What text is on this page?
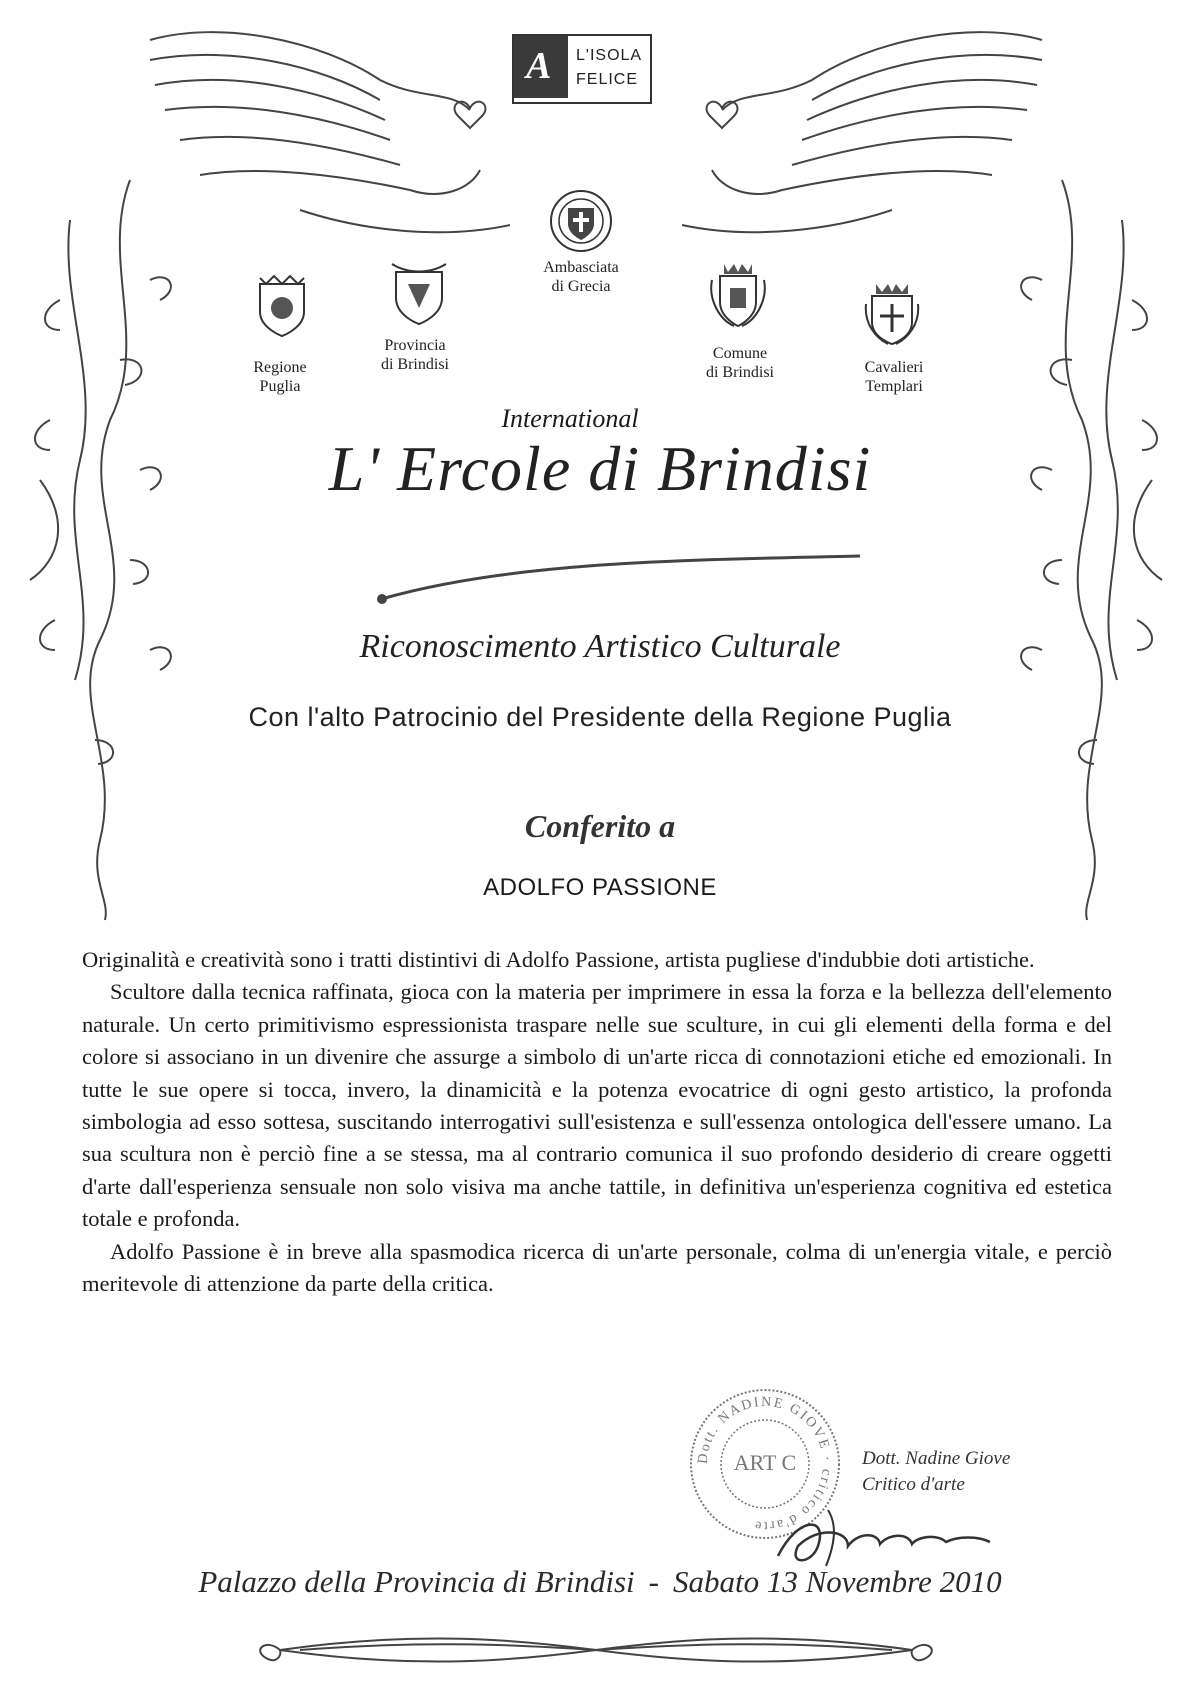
A L'ISOLA
FELICE
Regione
Puglia
Provincia
di Brindisi
Ambasciata
di Grecia
Comune
di Brindisi	Cavalieri
Templari
International
L' Ercole di Brindisi
Riconoscimento Artistico Culturale
Con l'alto Patrocinio del Presidente della Regione Puglia
Conferito a
ADOLFO PASSIONE

Originalità e creatività sono i tratti distintivi di Adolfo Passione, artista pugliese d'indubbie doti artistiche.

Scultore dalla tecnica raffinata, gioca con la materia per imprimere in essa la forza e la bellezza dell'elemento naturale. Un certo primitivismo espressionista traspare nelle sue sculture, in cui gli elementi della forma e del colore si associano in un divenire che assurge a simbolo di un'arte ricca di connotazioni etiche ed emozionali. In tutte le sue opere si tocca, invero, la dinamicità e la potenza evocatrice di ogni gesto artistico, la profonda simbologia ad esso sottesa, suscitando interrogativi sull'esistenza e sull'essenza ontologica dell'essere umano. La sua scultura non è perciò fine a se stessa, ma al contrario comunica il suo profondo desiderio di creare oggetti d'arte dall'esperienza sensuale non solo visiva ma anche tattile, in definitiva un'esperienza cognitiva ed estetica totale e profonda.

Adolfo Passione è in breve alla spasmodica ricerca di un'arte personale, colma di un'energia vitale, e perciò meritevole di attenzione da parte della critica.

Dott. NADINE GIOVE · critico d'arte
ART C	Dott. Nadine Giove
Critico d'arte
Palazzo della Provincia di Brindisi - Sabato 13 Novembre 2010
